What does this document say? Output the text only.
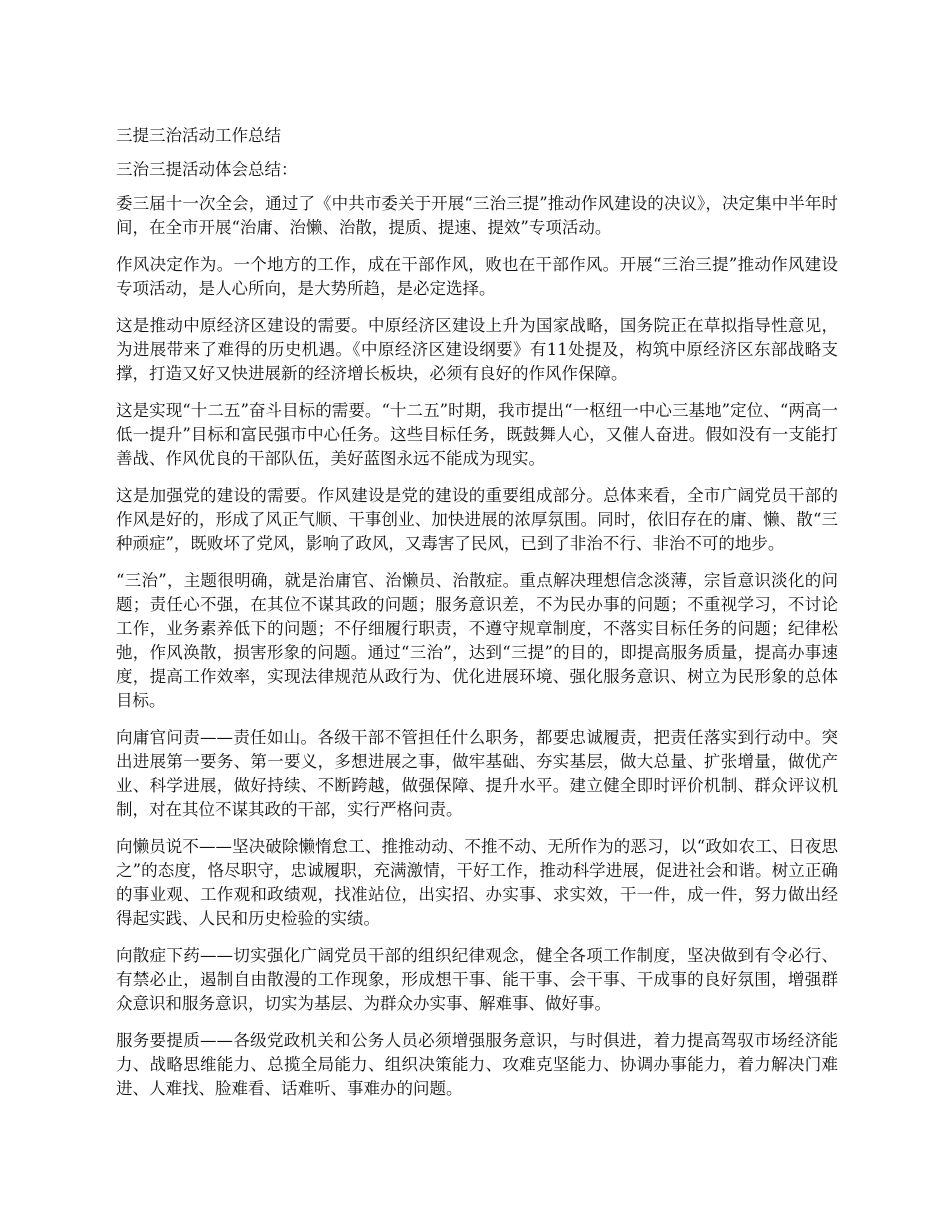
三提三治活动工作总结

三治三提活动体会总结：

委三届十一次全会，通过了《中共市委关于开展“三治三提”推动作风建设的决议》，决定集中半年时间，在全市开展“治庸、治懒、治散，提质、提速、提效”专项活动。

作风决定作为。一个地方的工作，成在干部作风，败也在干部作风。开展“三治三提”推动作风建设专项活动，是人心所向，是大势所趋，是必定选择。

这是推动中原经济区建设的需要。中原经济区建设上升为国家战略，国务院正在草拟指导性意见，为进展带来了难得的历史机遇。《中原经济区建设纲要》有11处提及，构筑中原经济区东部战略支撑，打造又好又快进展新的经济增长板块，必须有良好的作风作保障。

这是实现“十二五”奋斗目标的需要。“十二五”时期，我市提出“一枢纽一中心三基地”定位、“两高一低一提升”目标和富民强市中心任务。这些目标任务，既鼓舞人心，又催人奋进。假如没有一支能打善战、作风优良的干部队伍，美好蓝图永远不能成为现实。

这是加强党的建设的需要。作风建设是党的建设的重要组成部分。总体来看，全市广阔党员干部的作风是好的，形成了风正气顺、干事创业、加快进展的浓厚氛围。同时，依旧存在的庸、懒、散“三种顽症”，既败坏了党风，影响了政风，又毒害了民风，已到了非治不行、非治不可的地步。

“三治”，主题很明确，就是治庸官、治懒员、治散症。重点解决理想信念淡薄，宗旨意识淡化的问题；责任心不强，在其位不谋其政的问题；服务意识差，不为民办事的问题；不重视学习，不讨论工作，业务素养低下的问题；不仔细履行职责，不遵守规章制度，不落实目标任务的问题；纪律松弛，作风涣散，损害形象的问题。通过“三治”，达到“三提”的目的，即提高服务质量，提高办事速度，提高工作效率，实现法律规范从政行为、优化进展环境、强化服务意识、树立为民形象的总体目标。

向庸官问责——责任如山。各级干部不管担任什么职务，都要忠诚履责，把责任落实到行动中。突出进展第一要务、第一要义，多想进展之事，做牢基础、夯实基层，做大总量、扩张增量，做优产业、科学进展，做好持续、不断跨越，做强保障、提升水平。建立健全即时评价机制、群众评议机制，对在其位不谋其政的干部，实行严格问责。

向懒员说不——坚决破除懒惰怠工、推推动动、不推不动、无所作为的恶习，以“政如农工、日夜思之”的态度，恪尽职守，忠诚履职，充满激情，干好工作，推动科学进展，促进社会和谐。树立正确的事业观、工作观和政绩观，找准站位，出实招、办实事、求实效，干一件，成一件，努力做出经得起实践、人民和历史检验的实绩。

向散症下药——切实强化广阔党员干部的组织纪律观念，健全各项工作制度，坚决做到有令必行、有禁必止，遏制自由散漫的工作现象，形成想干事、能干事、会干事、干成事的良好氛围，增强群众意识和服务意识，切实为基层、为群众办实事、解难事、做好事。

服务要提质——各级党政机关和公务人员必须增强服务意识，与时俱进，着力提高驾驭市场经济能力、战略思维能力、总揽全局能力、组织决策能力、攻难克坚能力、协调办事能力，着力解决门难进、人难找、脸难看、话难听、事难办的问题。
